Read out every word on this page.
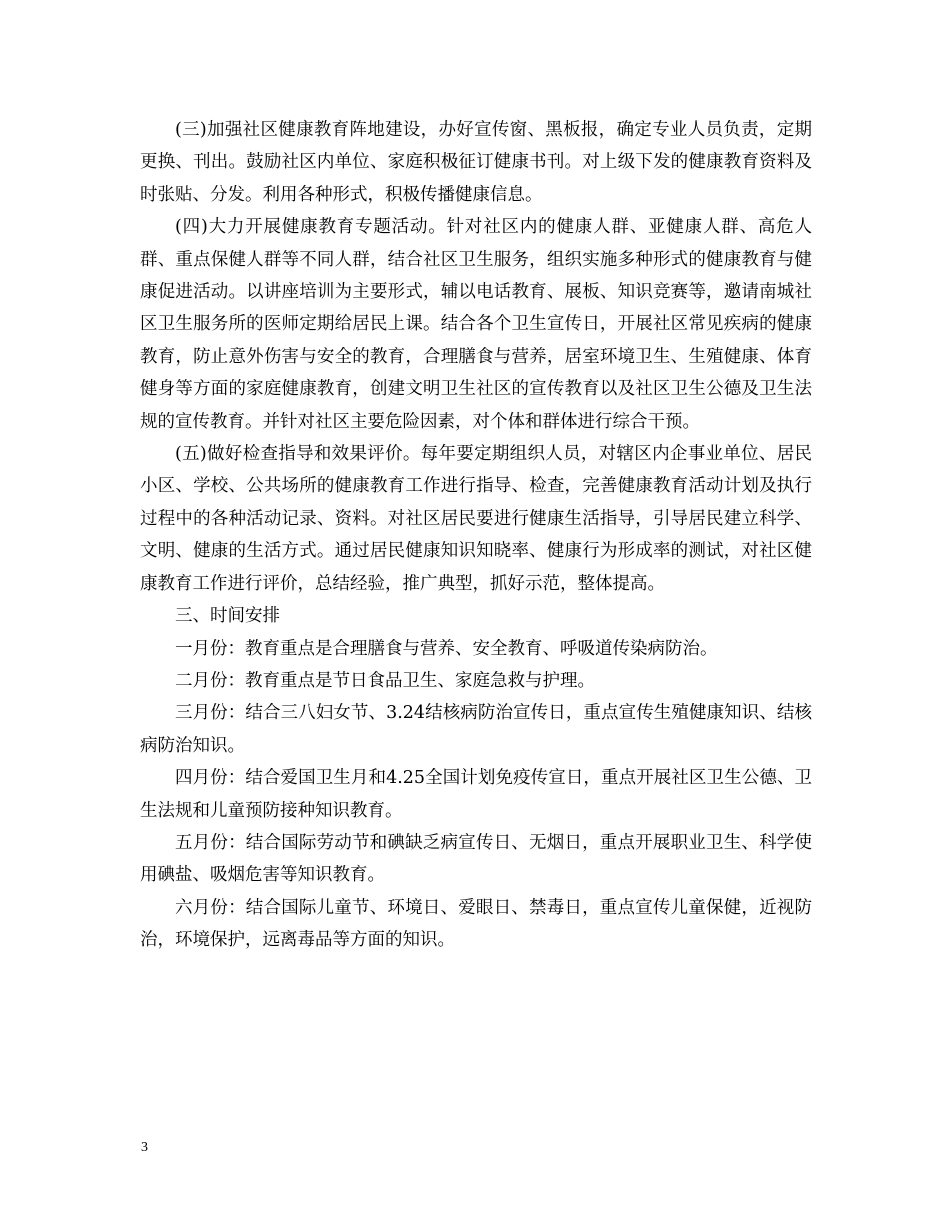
(三)加强社区健康教育阵地建设，办好宣传窗、黑板报，确定专业人员负责，定期更换、刊出。鼓励社区内单位、家庭积极征订健康书刊。对上级下发的健康教育资料及时张贴、分发。利用各种形式，积极传播健康信息。

(四)大力开展健康教育专题活动。针对社区内的健康人群、亚健康人群、高危人群、重点保健人群等不同人群，结合社区卫生服务，组织实施多种形式的健康教育与健康促进活动。以讲座培训为主要形式，辅以电话教育、展板、知识竞赛等，邀请南城社区卫生服务所的医师定期给居民上课。结合各个卫生宣传日，开展社区常见疾病的健康教育，防止意外伤害与安全的教育，合理膳食与营养，居室环境卫生、生殖健康、体育健身等方面的家庭健康教育，创建文明卫生社区的宣传教育以及社区卫生公德及卫生法规的宣传教育。并针对社区主要危险因素，对个体和群体进行综合干预。

(五)做好检查指导和效果评价。每年要定期组织人员，对辖区内企事业单位、居民小区、学校、公共场所的健康教育工作进行指导、检查，完善健康教育活动计划及执行过程中的各种活动记录、资料。对社区居民要进行健康生活指导，引导居民建立科学、文明、健康的生活方式。通过居民健康知识知晓率、健康行为形成率的测试，对社区健康教育工作进行评价，总结经验，推广典型，抓好示范，整体提高。

三、时间安排

一月份：教育重点是合理膳食与营养、安全教育、呼吸道传染病防治。

二月份：教育重点是节日食品卫生、家庭急救与护理。

三月份：结合三八妇女节、3.24结核病防治宣传日，重点宣传生殖健康知识、结核病防治知识。

四月份：结合爱国卫生月和4.25全国计划免疫传宣日，重点开展社区卫生公德、卫生法规和儿童预防接种知识教育。

五月份：结合国际劳动节和碘缺乏病宣传日、无烟日，重点开展职业卫生、科学使用碘盐、吸烟危害等知识教育。

六月份：结合国际儿童节、环境日、爱眼日、禁毒日，重点宣传儿童保健，近视防治，环境保护，远离毒品等方面的知识。

3
